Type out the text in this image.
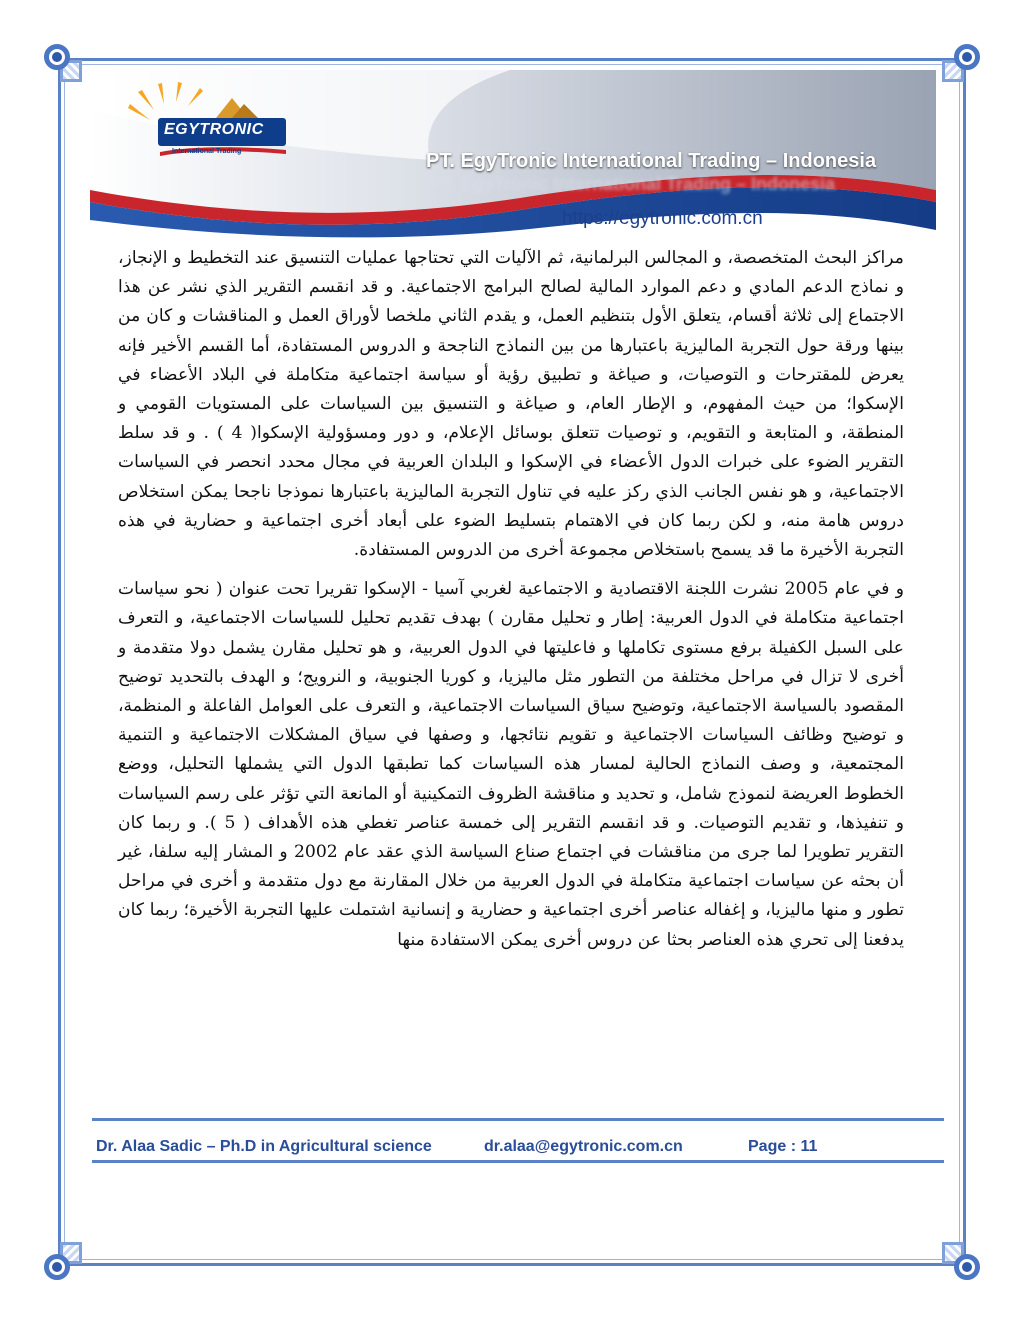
PT. EgyTronic International Trading – Indonesia
PT. EgyTronic International Trading – Indonesia
https://egytronic.com.cn
EGYTRONIC
International Trading

مراكز البحث المتخصصة، و المجالس البرلمانية، ثم الآليات التي تحتاجها عمليات التنسيق عند التخطيط و الإنجاز، و نماذج الدعم المادي و دعم الموارد المالية لصالح البرامج الاجتماعية. و قد انقسم التقرير الذي نشر عن هذا الاجتماع إلى ثلاثة أقسام، يتعلق الأول بتنظيم العمل، و يقدم الثاني ملخصا لأوراق العمل و المناقشات و كان من بينها ورقة حول التجربة الماليزية باعتبارها من بين النماذج الناجحة و الدروس المستفادة، أما القسم الأخير فإنه يعرض للمقترحات و التوصيات، و صياغة و تطبيق رؤية أو سياسة اجتماعية متكاملة في البلاد الأعضاء في الإسكوا؛ من حيث المفهوم، و الإطار العام، و صياغة و التنسيق بين السياسات على المستويات القومي و المنطقة، و المتابعة و التقويم، و توصيات تتعلق بوسائل الإعلام، و دور ومسؤولية الإسكوا( 4 ) . و قد سلط التقرير الضوء على خبرات الدول الأعضاء في الإسكوا و البلدان العربية في مجال محدد انحصر في السياسات الاجتماعية، و هو نفس الجانب الذي ركز عليه في تناول التجربة الماليزية باعتبارها نموذجا ناجحا يمكن استخلاص دروس هامة منه، و لكن ربما كان في الاهتمام بتسليط الضوء على أبعاد أخرى اجتماعية و حضارية في هذه التجربة الأخيرة ما قد يسمح باستخلاص مجموعة أخرى من الدروس المستفادة.

و في عام 2005 نشرت اللجنة الاقتصادية و الاجتماعية لغربي آسيا - الإسكوا تقريرا تحت عنوان ( نحو سياسات اجتماعية متكاملة في الدول العربية: إطار و تحليل مقارن ) بهدف تقديم تحليل للسياسات الاجتماعية، و التعرف على السبل الكفيلة برفع مستوى تكاملها و فاعليتها في الدول العربية، و هو تحليل مقارن يشمل دولا متقدمة و أخرى لا تزال في مراحل مختلفة من التطور مثل ماليزيا، و كوريا الجنوبية، و النرويج؛ و الهدف بالتحديد توضيح المقصود بالسياسة الاجتماعية، وتوضيح سياق السياسات الاجتماعية، و التعرف على العوامل الفاعلة و المنظمة، و توضيح وظائف السياسات الاجتماعية و تقويم نتائجها، و وصفها في سياق المشكلات الاجتماعية و التنمية المجتمعية، و وصف النماذج الحالية لمسار هذه السياسات كما تطبقها الدول التي يشملها التحليل، ووضع الخطوط العريضة لنموذج شامل، و تحديد و مناقشة الظروف التمكينية أو المانعة التي تؤثر على رسم السياسات و تنفيذها، و تقديم التوصيات. و قد انقسم التقرير إلى خمسة عناصر تغطي هذه الأهداف ( 5 ). و ربما كان التقرير تطويرا لما جرى من مناقشات في اجتماع صناع السياسة الذي عقد عام 2002 و المشار إليه سلفا، غير أن بحثه عن سياسات اجتماعية متكاملة في الدول العربية من خلال المقارنة مع دول متقدمة و أخرى في مراحل تطور و منها ماليزيا، و إغفاله عناصر أخرى اجتماعية و حضارية و إنسانية اشتملت عليها التجربة الأخيرة؛ ربما كان يدفعنا إلى تحري هذه العناصر بحثا عن دروس أخرى يمكن الاستفادة منها

Dr. Alaa Sadic – Ph.D in Agricultural science	dr.alaa@egytronic.com.cn	Page : 11
